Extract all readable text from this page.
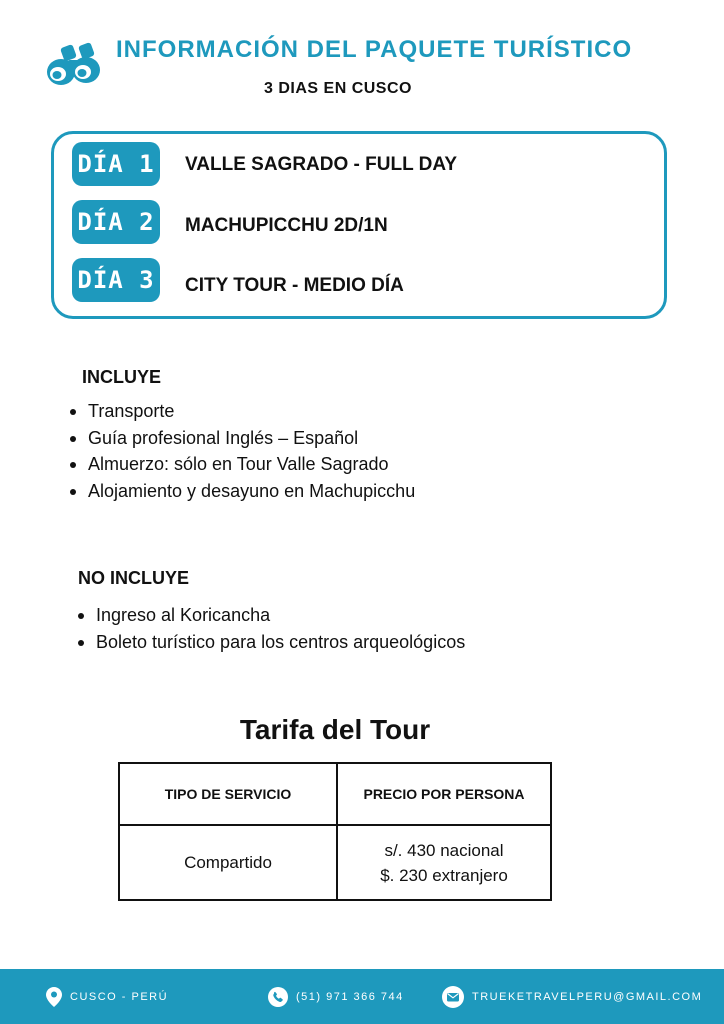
INFORMACIÓN DEL PAQUETE TURÍSTICO
3 DIAS EN CUSCO
DÍA 1 VALLE SAGRADO - FULL DAY
DÍA 2 MACHUPICCHU 2D/1N
DÍA 3 CITY TOUR - MEDIO DÍA
INCLUYE
Transporte
Guía profesional Inglés – Español
Almuerzo: sólo en Tour Valle Sagrado
Alojamiento y desayuno en Machupicchu
NO INCLUYE
Ingreso al Koricancha
Boleto turístico para los centros arqueológicos
Tarifa del Tour
TIPO DE SERVICIO	PRECIO POR PERSONA
Compartido	s/. 430 nacional
$. 230 extranjero
CUSCO - PERÚ	(51) 971 366 744	TRUEKETRAVELPERU@GMAIL.COM
